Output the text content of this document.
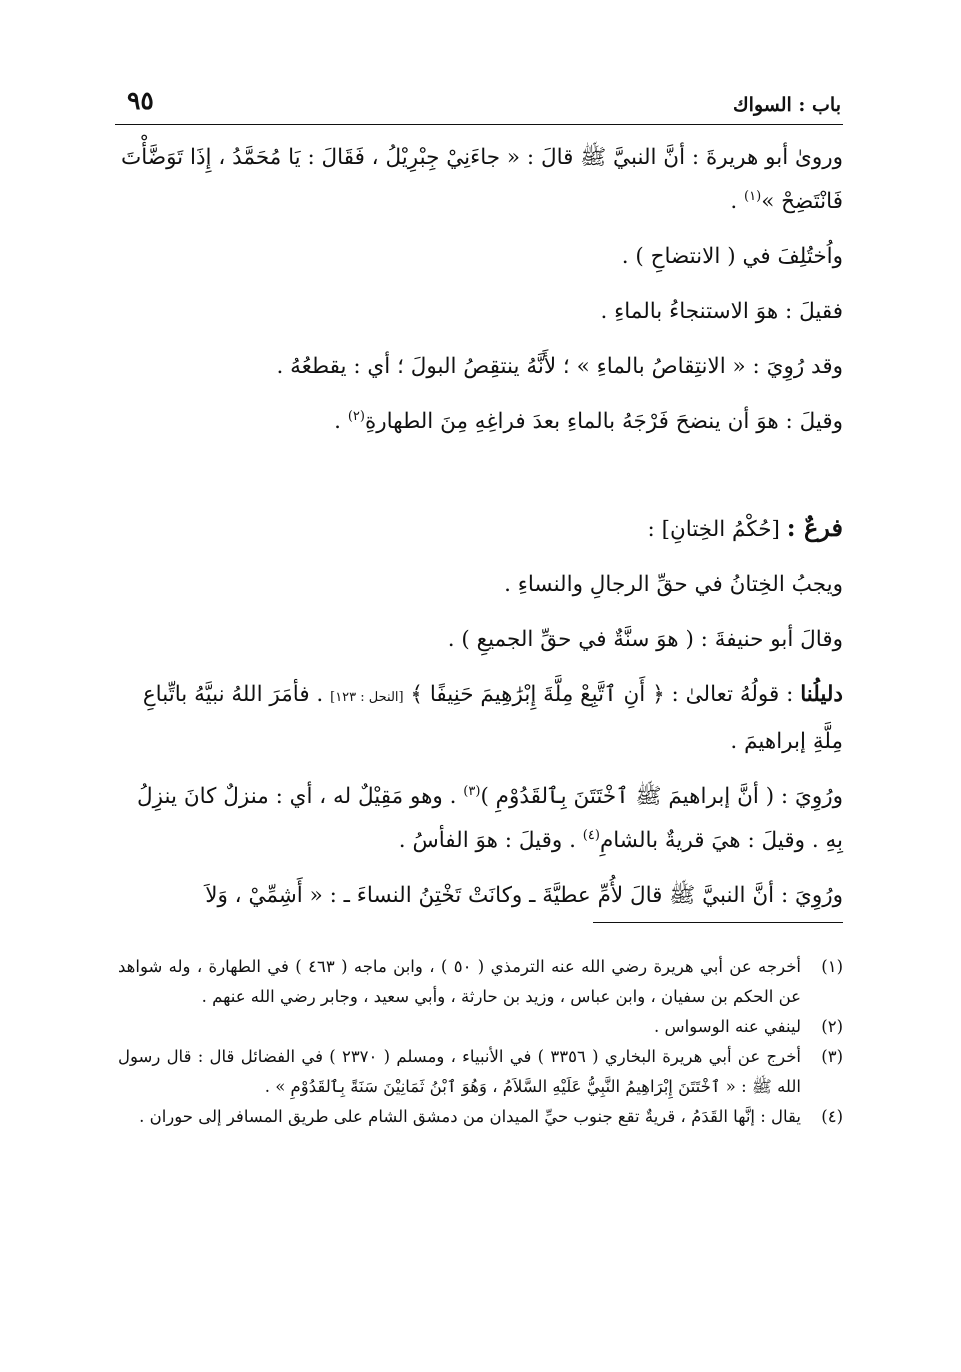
باب : السواك
٩٥

وروىٰ أبو هريرةَ : أنَّ النبيَّ ﷺ قالَ : « جاءَنِيْ جِبْرِيْلُ ، فَقَالَ : يَا مُحَمَّدُ ، إِذَا تَوَضَّأْتَ فَانْتَضِحْ »$^{(١)}$ .

واُختُلِفَ في ( الانتضاحِ ) .

فقيلَ : هوَ الاستنجاءُ بالماءِ .

وقد رُوِيَ : « الانتِقاصُ بالماءِ » ؛ لأَنَّهُ ينتقِصُ البولَ ؛ أي : يقطعُهُ .

وقيلَ : هوَ أن ينضحَ فَرْجَهُ بالماءِ بعدَ فراغِهِ مِنَ الطهارةِ$^{(٢)}$ .

فرعٌ : [حُكْمُ الخِتانِ] :

ويجبُ الخِتانُ في حقِّ الرجالِ والنساءِ .

وقالَ أبو حنيفةَ : ( هوَ سنَّةٌ في حقِّ الجميعِ ) .

دليلُنا : قولُهُ تعالىٰ : ﴿ أَنِ ٱتَّبِعْ مِلَّةَ إِبْرَٰهِيمَ حَنِيفًا ﴾ [النحل : ١٢٣] . فأمَرَ اللهُ نبيَّهُ باتِّباعِ مِلَّةِ إبراهيمَ .

ورُوِيَ : ( أنَّ إبراهيمَ ﷺ ٱخْتَتَنَ بِٱلقَدُوْمِ )$^{(٣)}$ . وهو مَقِيْلٌ له ، أي : منزلٌ كانَ ينزِلُ بِهِ . وقيلَ : هيَ قريةٌ بالشامِ$^{(٤)}$ . وقيلَ : هوَ الفأسُ .

ورُوِيَ : أنَّ النبيَّ ﷺ قالَ لأُمِّ عطيَّةَ ـ وكانَتْ تَخْتِنُ النساءَ ـ : « أَشِمِّيْ ، وَلاَ

(١)
أخرجه عن أبي هريرة رضي الله عنه الترمذي ( ٥٠ ) ، وابن ماجه ( ٤٦٣ ) في الطهارة ، وله شواهد عن الحكم بن سفيان ، وابن عباس ، وزيد بن حارثة ، وأبي سعيد ، وجابر رضي الله عنهم .
(٢)
لينفي عنه الوسواس .
(٣)
أخرج عن أبي هريرة البخاري ( ٣٣٥٦ ) في الأنبياء ، ومسلم ( ٢٣٧٠ ) في الفضائل قال : قال رسول الله ﷺ : « ٱخْتَتَنَ إِبْرَاهِيمُ النَّبِيُّ عَلَيْهِ السَّلاَمُ ، وَهُوَ ٱبْنُ ثَمَانِيْنَ سَنَةً بِٱلقَدُوْمِ » .
(٤)
يقال : إنَّها القَدَمُ ، قريةٌ تقع جنوب حيِّ الميدان من دمشق الشام على طريق المسافر إلى حوران .
